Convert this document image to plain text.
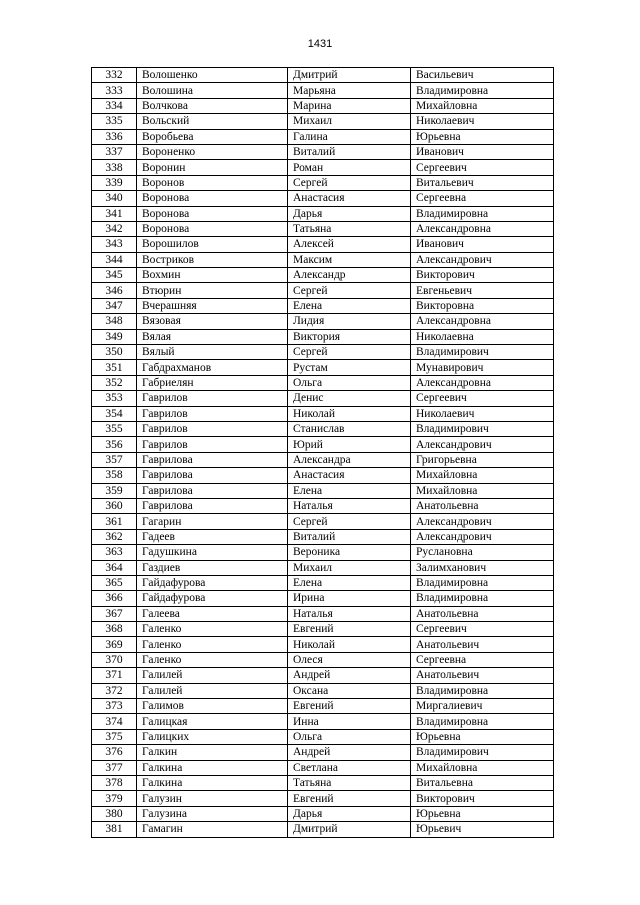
1431
332	Волошенко	Дмитрий	Васильевич
333	Волошина	Марьяна	Владимировна
334	Волчкова	Марина	Михайловна
335	Вольский	Михаил	Николаевич
336	Воробьева	Галина	Юрьевна
337	Вороненко	Виталий	Иванович
338	Воронин	Роман	Сергеевич
339	Воронов	Сергей	Витальевич
340	Воронова	Анастасия	Сергеевна
341	Воронова	Дарья	Владимировна
342	Воронова	Татьяна	Александровна
343	Ворошилов	Алексей	Иванович
344	Востриков	Максим	Александрович
345	Вохмин	Александр	Викторович
346	Втюрин	Сергей	Евгеньевич
347	Вчерашняя	Елена	Викторовна
348	Вязовая	Лидия	Александровна
349	Вялая	Виктория	Николаевна
350	Вялый	Сергей	Владимирович
351	Габдрахманов	Рустам	Мунавирович
352	Габриелян	Ольга	Александровна
353	Гаврилов	Денис	Сергеевич
354	Гаврилов	Николай	Николаевич
355	Гаврилов	Станислав	Владимирович
356	Гаврилов	Юрий	Александрович
357	Гаврилова	Александра	Григорьевна
358	Гаврилова	Анастасия	Михайловна
359	Гаврилова	Елена	Михайловна
360	Гаврилова	Наталья	Анатольевна
361	Гагарин	Сергей	Александрович
362	Гадеев	Виталий	Александрович
363	Гадушкина	Вероника	Руслановна
364	Газдиев	Михаил	Залимханович
365	Гайдафурова	Елена	Владимировна
366	Гайдафурова	Ирина	Владимировна
367	Галеева	Наталья	Анатольевна
368	Галенко	Евгений	Сергеевич
369	Галенко	Николай	Анатольевич
370	Галенко	Олеся	Сергеевна
371	Галилей	Андрей	Анатольевич
372	Галилей	Оксана	Владимировна
373	Галимов	Евгений	Миргалиевич
374	Галицкая	Инна	Владимировна
375	Галицких	Ольга	Юрьевна
376	Галкин	Андрей	Владимирович
377	Галкина	Светлана	Михайловна
378	Галкина	Татьяна	Витальевна
379	Галузин	Евгений	Викторович
380	Галузина	Дарья	Юрьевна
381	Гамагин	Дмитрий	Юрьевич
